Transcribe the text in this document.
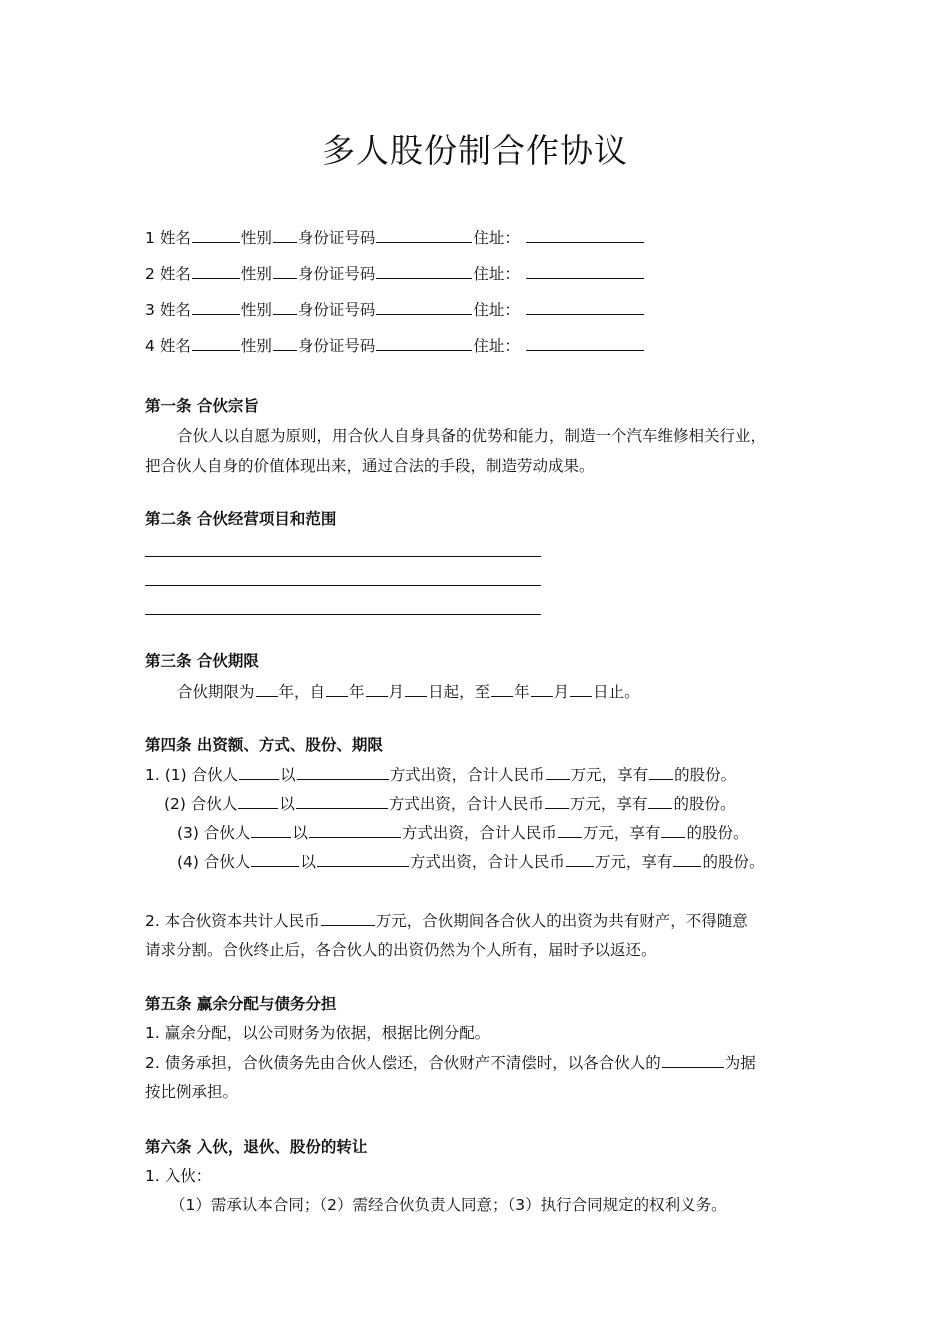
多人股份制合作协议
1 姓名	性别 身份证号码	住址：
2 姓名	性别 身份证号码	住址：
3 姓名	性别 身份证号码	住址：
4 姓名	性别 身份证号码	住址：
第一条 合伙宗旨
合伙人以自愿为原则，用合伙人自身具备的优势和能力，制造一个汽车维修相关行业，
把合伙人自身的价值体现出来，通过合法的手段，制造劳动成果。
第二条 合伙经营项目和范围
第三条 合伙期限
合伙期限为 年，自 年 月 日起，至 年 月 日止。
第四条 出资额、方式、股份、期限
1. (1) 合伙人	以	方式出资，合计人民币 万元，享有 的股份。
(2) 合伙人	以	方式出资，合计人民币 万元，享有 的股份。
(3) 合伙人	以	方式出资，合计人民币 万元，享有 的股份。
(4) 合伙人	以	方式出资，合计人民币 万元，享有 的股份。
2. 本合伙资本共计人民币	万元，合伙期间各合伙人的出资为共有财产，不得随意
请求分割。合伙终止后，各合伙人的出资仍然为个人所有，届时予以返还。
第五条 赢余分配与债务分担
1. 赢余分配，以公司财务为依据，根据比例分配。
2. 债务承担，合伙债务先由合伙人偿还，合伙财产不清偿时，以各合伙人的	为据
按比例承担。
第六条 入伙，退伙、股份的转让
1. 入伙：
（1）需承认本合同；（2）需经合伙负责人同意；（3）执行合同规定的权利义务。
